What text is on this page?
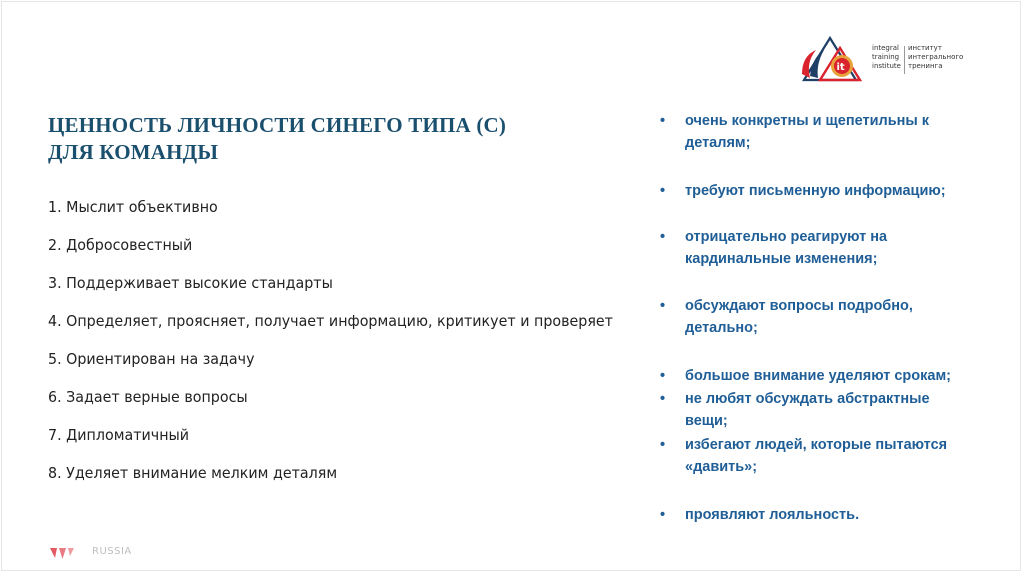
it
integral
training
institute
институт
интегрального
тренинга
ЦЕННОСТЬ ЛИЧНОСТИ СИНЕГО ТИПА (С)
ДЛЯ КОМАНДЫ
1. Мыслит объективно
2. Добросовестный
3. Поддерживает высокие стандарты
4. Определяет, проясняет, получает информацию, критикует и проверяет
5. Ориентирован на задачу
6. Задает верные вопросы
7. Дипломатичный
8. Уделяет внимание мелким деталям
•	очень конкретны и щепетильны к
деталям;
•	требуют письменную информацию;
•	отрицательно реагируют на
кардинальные изменения;
•	обсуждают вопросы подробно,
детально;
•	большое внимание уделяют срокам;
•	не любят обсуждать абстрактные
вещи;
•	избегают людей, которые пытаются
«давить»;
•	проявляют лояльность.
RUSSIA
